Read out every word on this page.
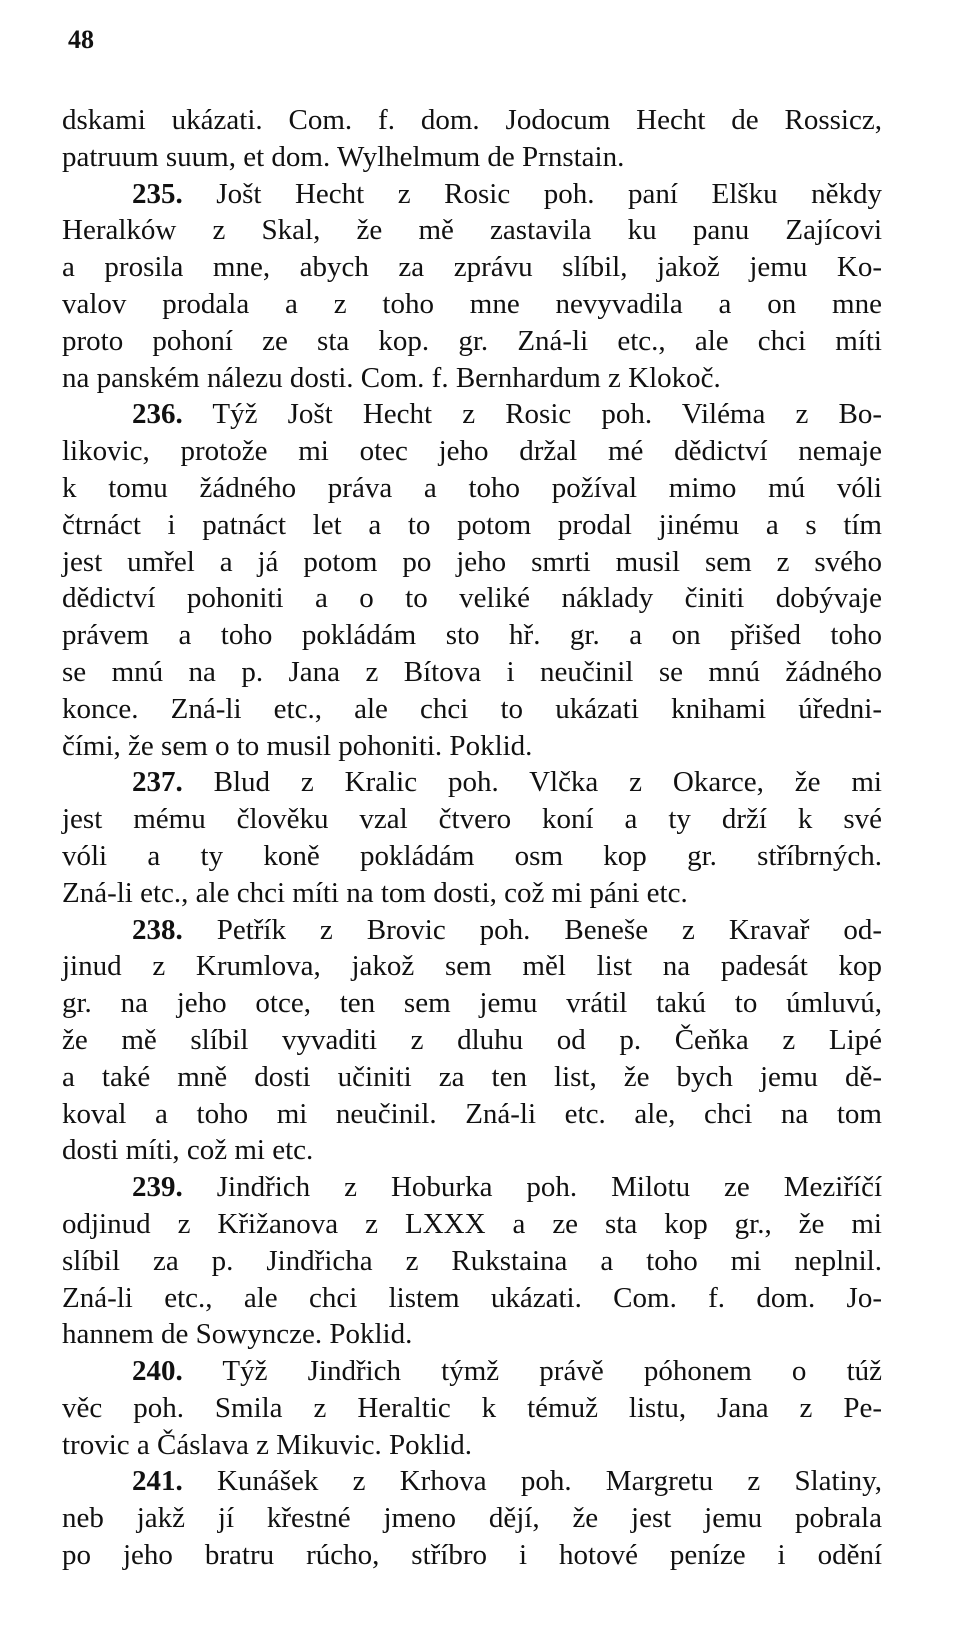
48
dskami ukázati. Com. f. dom. Jodocum Hecht de Rossicz,
patruum suum, et dom. Wylhelmum de Prnstain.
235. Jošt Hecht z Rosic poh. paní Elšku někdy
Heralków z Skal, že mě zastavila ku panu Zajícovi
a prosila mne, abych za zprávu slíbil, jakož jemu Ko-
valov prodala a z toho mne nevyvadila a on mne
proto pohoní ze sta kop. gr. Zná-li etc., ale chci míti
na panském nálezu dosti. Com. f. Bernhardum z Klokoč.
236. Týž Jošt Hecht z Rosic poh. Viléma z Bo-
likovic, protože mi otec jeho držal mé dědictví nemaje
k tomu žádného práva a toho požíval mimo mú vóli
čtrnáct i patnáct let a to potom prodal jinému a s tím
jest umřel a já potom po jeho smrti musil sem z svého
dědictví pohoniti a o to veliké náklady činiti dobývaje
právem a toho pokládám sto hř. gr. a on přišed toho
se mnú na p. Jana z Bítova i neučinil se mnú žádného
konce. Zná-li etc., ale chci to ukázati knihami úředni-
čími, že sem o to musil pohoniti. Poklid.
237. Blud z Kralic poh. Vlčka z Okarce, že mi
jest mému člověku vzal čtvero koní a ty drží k své
vóli a ty koně pokládám osm kop gr. stříbrných.
Zná-li etc., ale chci míti na tom dosti, což mi páni etc.
238. Petřík z Brovic poh. Beneše z Kravař od-
jinud z Krumlova, jakož sem měl list na padesát kop
gr. na jeho otce, ten sem jemu vrátil takú to úmluvú,
že mě slíbil vyvaditi z dluhu od p. Čeňka z Lipé
a také mně dosti učiniti za ten list, že bych jemu dě-
koval a toho mi neučinil. Zná-li etc. ale, chci na tom
dosti míti, což mi etc.
239. Jindřich z Hoburka poh. Milotu ze Meziříčí
odjinud z Křižanova z LXXX a ze sta kop gr., že mi
slíbil za p. Jindřicha z Rukstaina a toho mi neplnil.
Zná-li etc., ale chci listem ukázati. Com. f. dom. Jo-
hannem de Sowyncze. Poklid.
240. Týž Jindřich týmž právě póhonem o túž
věc poh. Smila z Heraltic k témuž listu, Jana z Pe-
trovic a Čáslava z Mikuvic. Poklid.
241. Kunášek z Krhova poh. Margretu z Slatiny,
neb jakž jí křestné jmeno dějí, že jest jemu pobrala
po jeho bratru rúcho, stříbro i hotové peníze i odění
